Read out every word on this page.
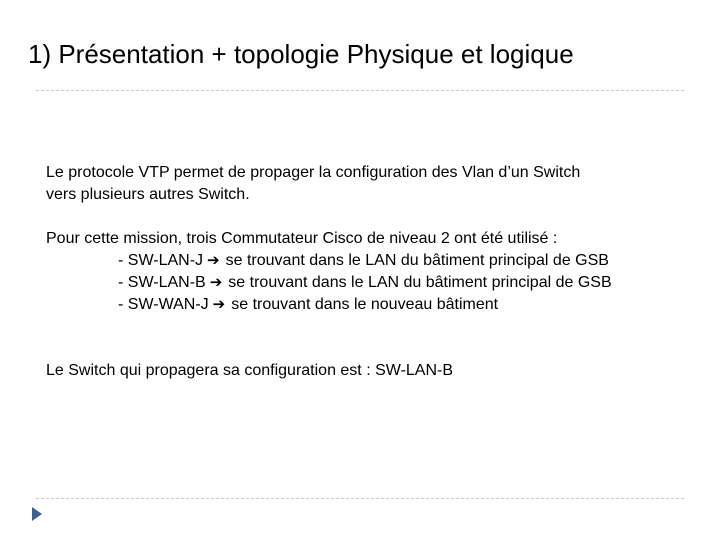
1) Présentation + topologie Physique et logique

Le protocole VTP permet de propager la configuration des Vlan d’un Switch

vers plusieurs autres Switch.

Pour cette mission, trois Commutateur Cisco de niveau 2 ont été utilisé :

- SW-LAN-J ➔ se trouvant dans le LAN du bâtiment principal de GSB
- SW-LAN-B ➔ se trouvant dans le LAN du bâtiment principal de GSB
- SW-WAN-J ➔ se trouvant dans le nouveau bâtiment

Le Switch qui propagera sa configuration est : SW-LAN-B
